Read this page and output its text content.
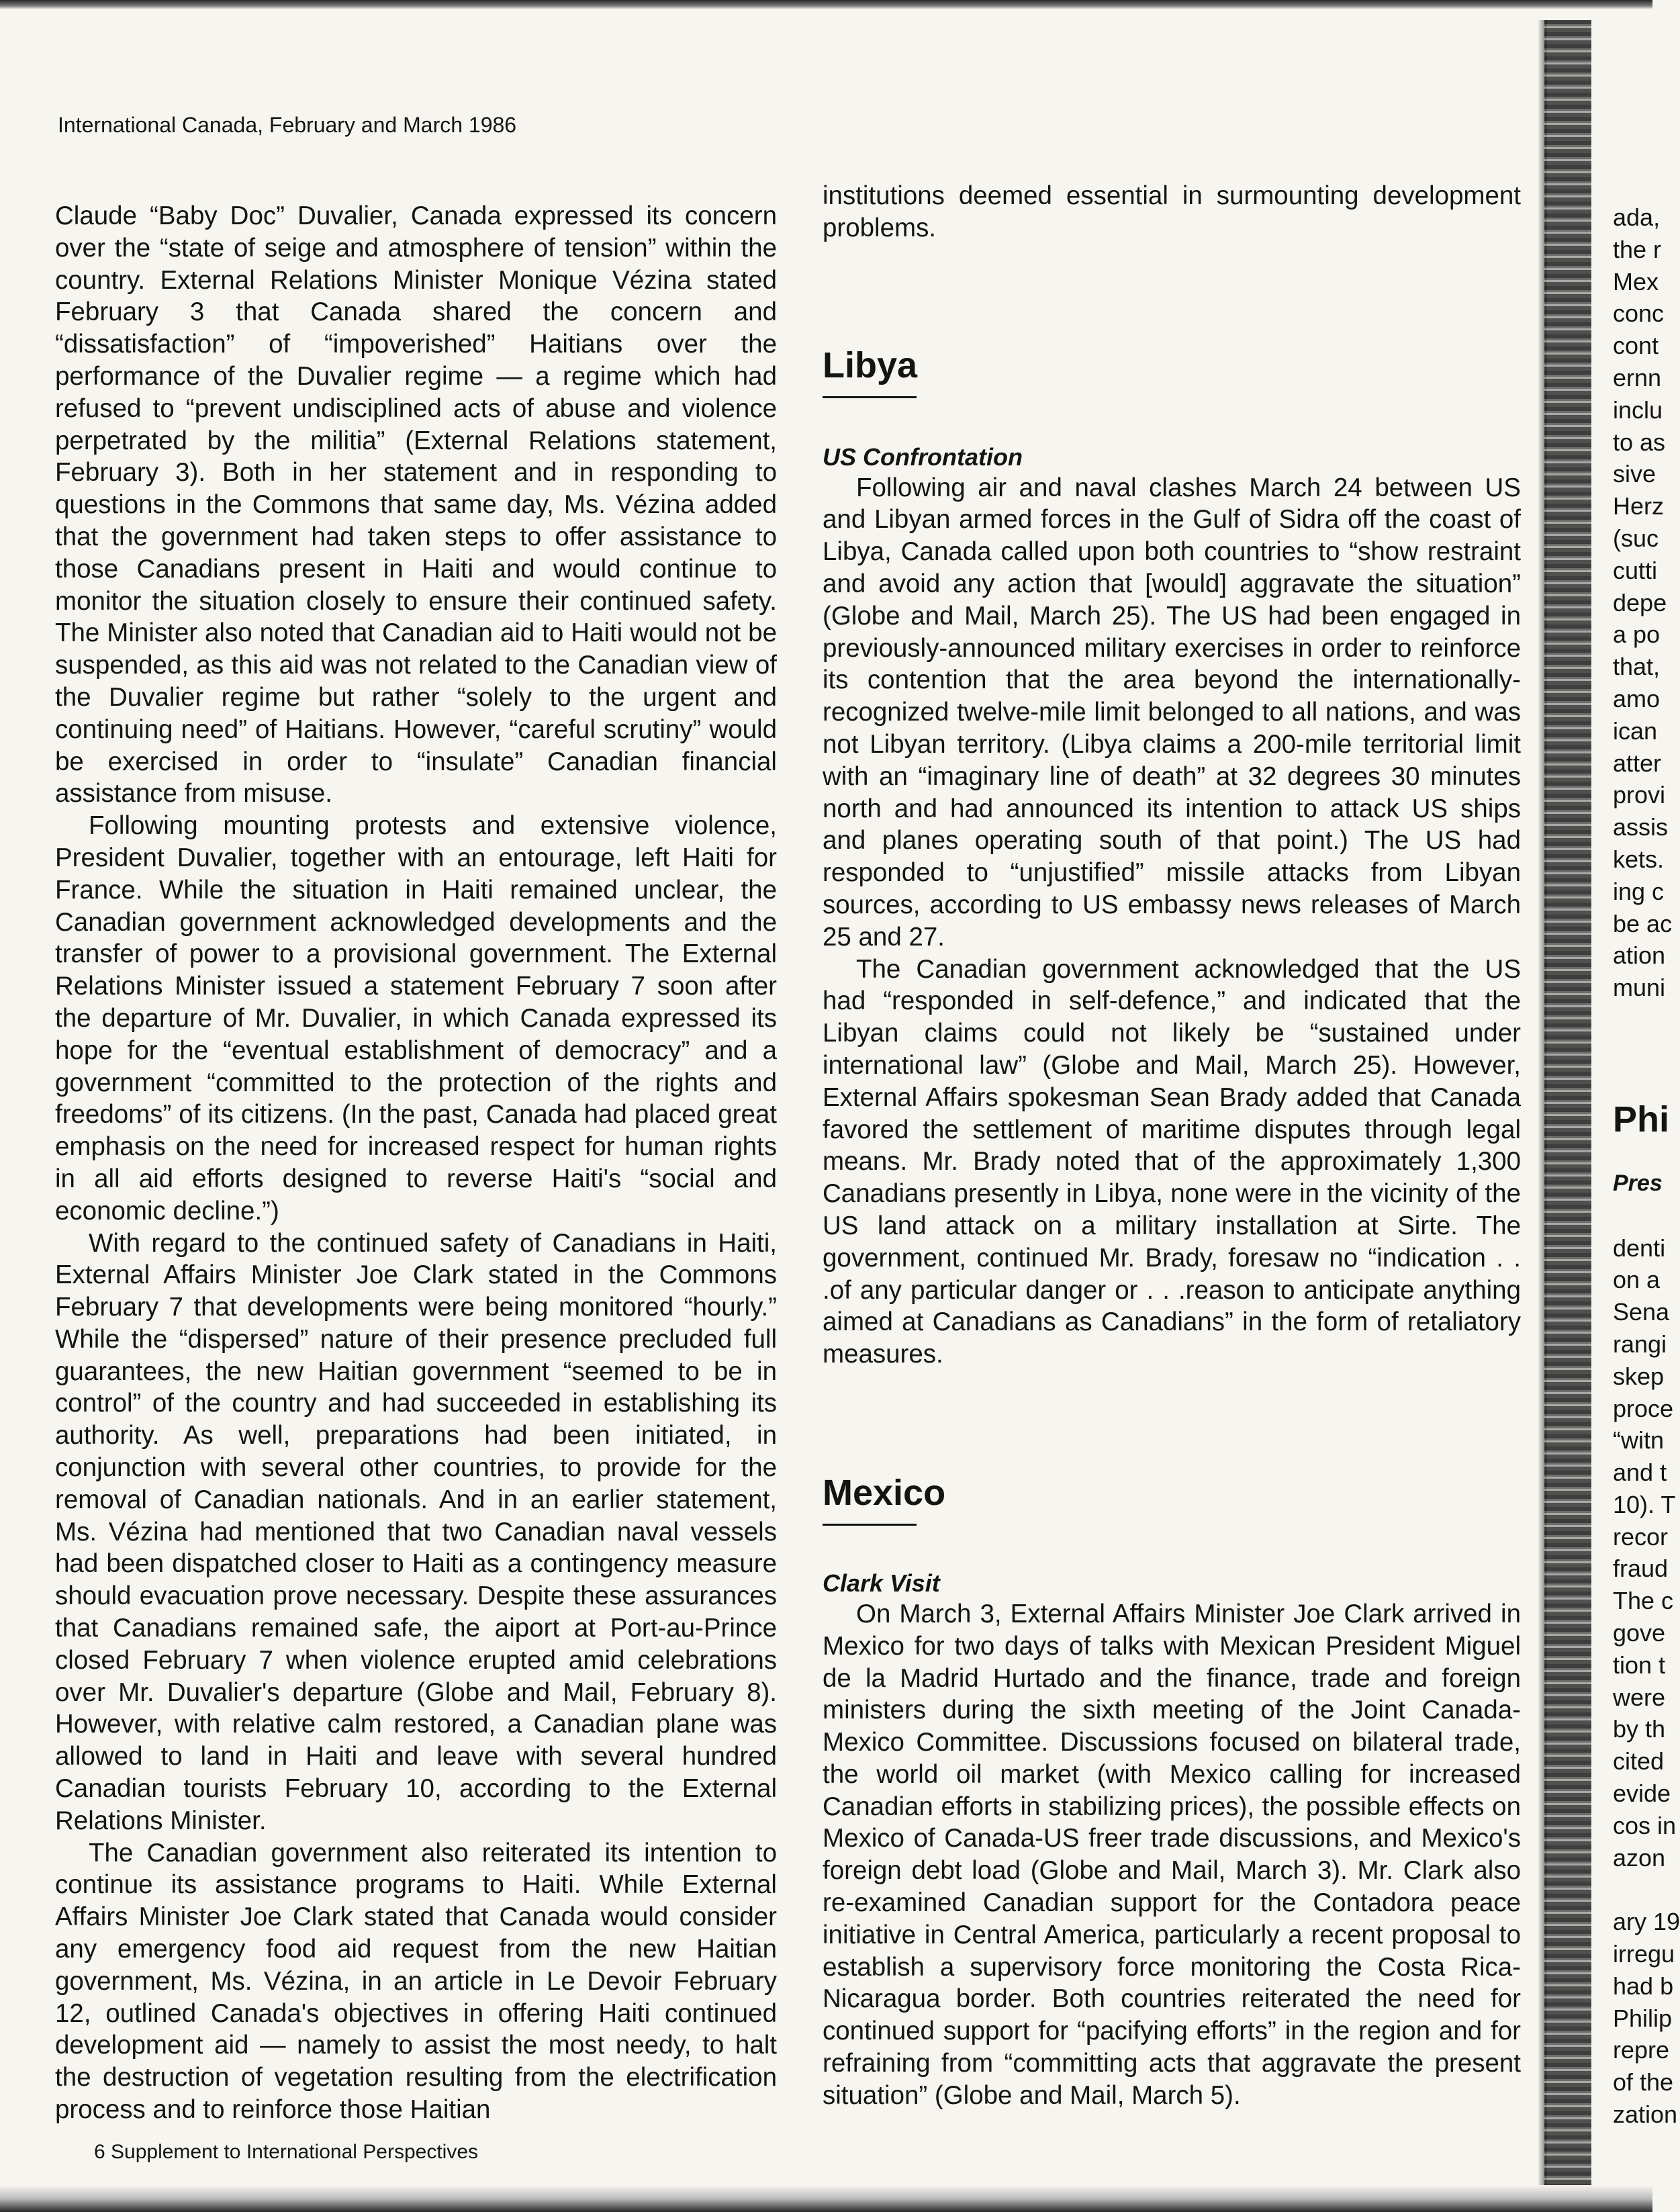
International Canada, February and March 1986

Claude “Baby Doc” Duvalier, Canada expressed its concern over the “state of seige and atmosphere of tension” within the country. External Relations Minister Monique Vézina stated February 3 that Canada shared the concern and “dissatisfaction” of “impoverished” Haitians over the performance of the Duvalier regime — a regime which had refused to “prevent undisciplined acts of abuse and violence perpetrated by the militia” (External Relations statement, February 3). Both in her statement and in responding to questions in the Commons that same day, Ms. Vézina added that the government had taken steps to offer assistance to those Canadians present in Haiti and would continue to monitor the situation closely to ensure their continued safety. The Minister also noted that Canadian aid to Haiti would not be suspended, as this aid was not related to the Canadian view of the Duvalier regime but rather “solely to the urgent and continuing need” of Haitians. However, “careful scrutiny” would be exercised in order to “insulate” Canadian financial assistance from misuse.

Following mounting protests and extensive violence, President Duvalier, together with an entourage, left Haiti for France. While the situation in Haiti remained unclear, the Canadian government acknowledged developments and the transfer of power to a provisional government. The External Relations Minister issued a statement February 7 soon after the departure of Mr. Duvalier, in which Canada expressed its hope for the “eventual establishment of democracy” and a government “committed to the protection of the rights and freedoms” of its citizens. (In the past, Canada had placed great emphasis on the need for increased respect for human rights in all aid efforts designed to reverse Haiti's “social and economic decline.”)

With regard to the continued safety of Canadians in Haiti, External Affairs Minister Joe Clark stated in the Commons February 7 that developments were being monitored “hourly.” While the “dispersed” nature of their presence precluded full guarantees, the new Haitian government “seemed to be in control” of the country and had succeeded in establishing its authority. As well, preparations had been initiated, in conjunction with several other countries, to provide for the removal of Canadian nationals. And in an earlier statement, Ms. Vézina had mentioned that two Canadian naval vessels had been dispatched closer to Haiti as a contingency measure should evacuation prove necessary. Despite these assurances that Canadians remained safe, the aiport at Port-au-Prince closed February 7 when violence erupted amid celebrations over Mr. Duvalier's departure (Globe and Mail, February 8). However, with relative calm restored, a Canadian plane was allowed to land in Haiti and leave with several hundred Canadian tourists February 10, according to the External Relations Minister.

The Canadian government also reiterated its intention to continue its assistance programs to Haiti. While External Affairs Minister Joe Clark stated that Canada would consider any emergency food aid request from the new Haitian government, Ms. Vézina, in an article in Le Devoir February 12, outlined Canada's objectives in offering Haiti continued development aid — namely to assist the most needy, to halt the destruction of vegetation resulting from the electrification process and to reinforce those Haitian

institutions deemed essential in surmounting development problems.

Libya
US Confrontation

Following air and naval clashes March 24 between US and Libyan armed forces in the Gulf of Sidra off the coast of Libya, Canada called upon both countries to “show restraint and avoid any action that [would] aggravate the situation” (Globe and Mail, March 25). The US had been engaged in previously-announced military exercises in order to reinforce its contention that the area beyond the internationally-recognized twelve-mile limit belonged to all nations, and was not Libyan territory. (Libya claims a 200-mile territorial limit with an “imaginary line of death” at 32 degrees 30 minutes north and had announced its intention to attack US ships and planes operating south of that point.) The US had responded to “unjustified” missile attacks from Libyan sources, according to US embassy news releases of March 25 and 27.

The Canadian government acknowledged that the US had “responded in self-defence,” and indicated that the Libyan claims could not likely be “sustained under international law” (Globe and Mail, March 25). However, External Affairs spokesman Sean Brady added that Canada favored the settlement of maritime disputes through legal means. Mr. Brady noted that of the approximately 1,300 Canadians presently in Libya, none were in the vicinity of the US land attack on a military installation at Sirte. The government, continued Mr. Brady, foresaw no “indication . . .of any particular danger or . . .reason to anticipate anything aimed at Canadians as Canadians” in the form of retaliatory measures.

Mexico
Clark Visit

On March 3, External Affairs Minister Joe Clark arrived in Mexico for two days of talks with Mexican President Miguel de la Madrid Hurtado and the finance, trade and foreign ministers during the sixth meeting of the Joint Canada-Mexico Committee. Discussions focused on bilateral trade, the world oil market (with Mexico calling for increased Canadian efforts in stabilizing prices), the possible effects on Mexico of Canada-US freer trade discussions, and Mexico's foreign debt load (Globe and Mail, March 3). Mr. Clark also re-examined Canadian support for the Contadora peace initiative in Central America, particularly a recent proposal to establish a supervisory force monitoring the Costa Rica-Nicaragua border. Both countries reiterated the need for continued support for “pacifying efforts” in the region and for refraining from “committing acts that aggravate the present situation” (Globe and Mail, March 5).

ada,
the r
Mex
conc
cont
ernn
inclu
to as
sive
Herz
(suc
cutti
depe
a po
that,
amo
ican
atter
provi
assis
kets.
ing c
be ac
ation
muni
Phi
Pres

denti
on a
Sena
rangi
skep
proce
“witn
and t
10). T
recor
fraud
The c
gove
tion t
were
by th
cited
evide
cos in
azon

ary 19
irregu
had b
Philip
repre
of the
zation
6 Supplement to International Perspectives
